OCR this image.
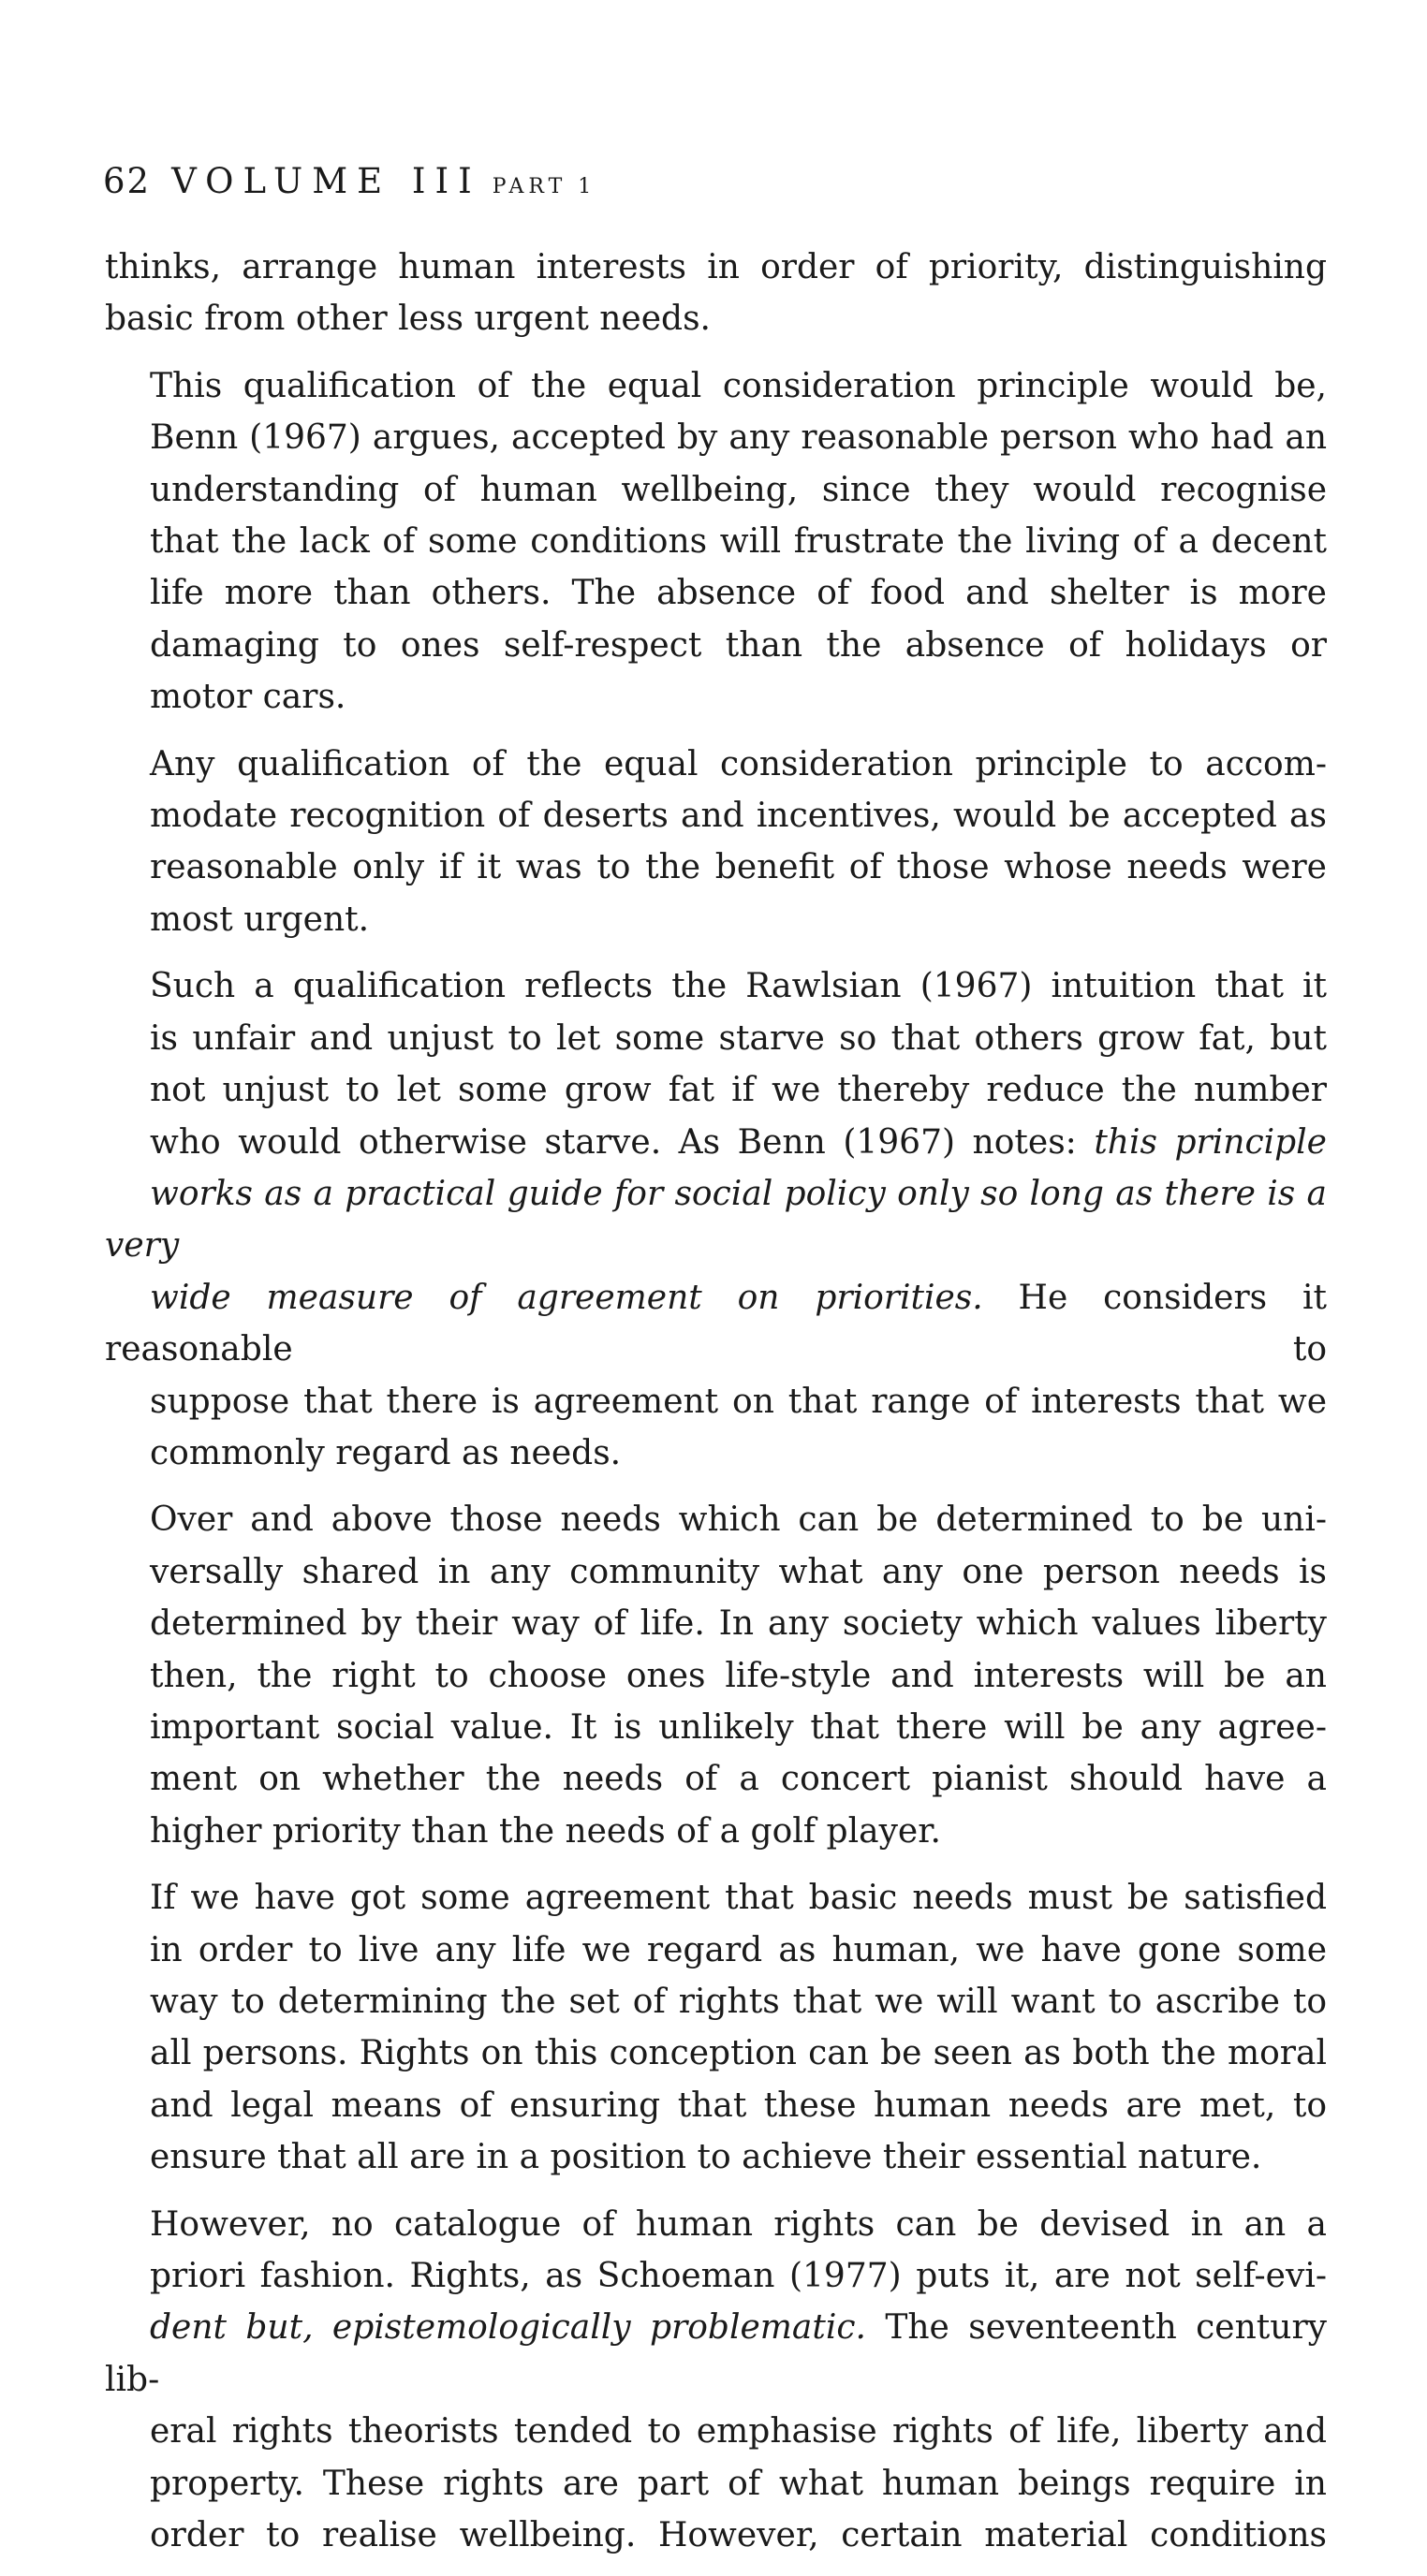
62 VOLUME III PART 1

thinks, arrange human interests in order of priority, distinguishing
basic from other less urgent needs.

This qualification of the equal consideration principle would be,
Benn (1967) argues, accepted by any reasonable person who had an
understanding of human wellbeing, since they would recognise
that the lack of some conditions will frustrate the living of a decent
life more than others. The absence of food and shelter is more
damaging to ones self-respect than the absence of holidays or
motor cars.

Any qualification of the equal consideration principle to accom-
modate recognition of deserts and incentives, would be accepted as
reasonable only if it was to the benefit of those whose needs were
most urgent.

Such a qualification reflects the Rawlsian (1967) intuition that it
is unfair and unjust to let some starve so that others grow fat, but
not unjust to let some grow fat if we thereby reduce the number
who would otherwise starve. As Benn (1967) notes: this principle
works as a practical guide for social policy only so long as there is a very
wide measure of agreement on priorities. He considers it reasonable to
suppose that there is agreement on that range of interests that we
commonly regard as needs.

Over and above those needs which can be determined to be uni-
versally shared in any community what any one person needs is
determined by their way of life. In any society which values liberty
then, the right to choose ones life-style and interests will be an
important social value. It is unlikely that there will be any agree-
ment on whether the needs of a concert pianist should have a
higher priority than the needs of a golf player.

If we have got some agreement that basic needs must be satisfied
in order to live any life we regard as human, we have gone some
way to determining the set of rights that we will want to ascribe to
all persons. Rights on this conception can be seen as both the moral
and legal means of ensuring that these human needs are met, to
ensure that all are in a position to achieve their essential nature.

However, no catalogue of human rights can be devised in an a
priori fashion. Rights, as Schoeman (1977) puts it, are not self-evi-
dent but, epistemologically problematic. The seventeenth century lib-
eral rights theorists tended to emphasise rights of life, liberty and
property. These rights are part of what human beings require in
order to realise wellbeing. However, certain material conditions
